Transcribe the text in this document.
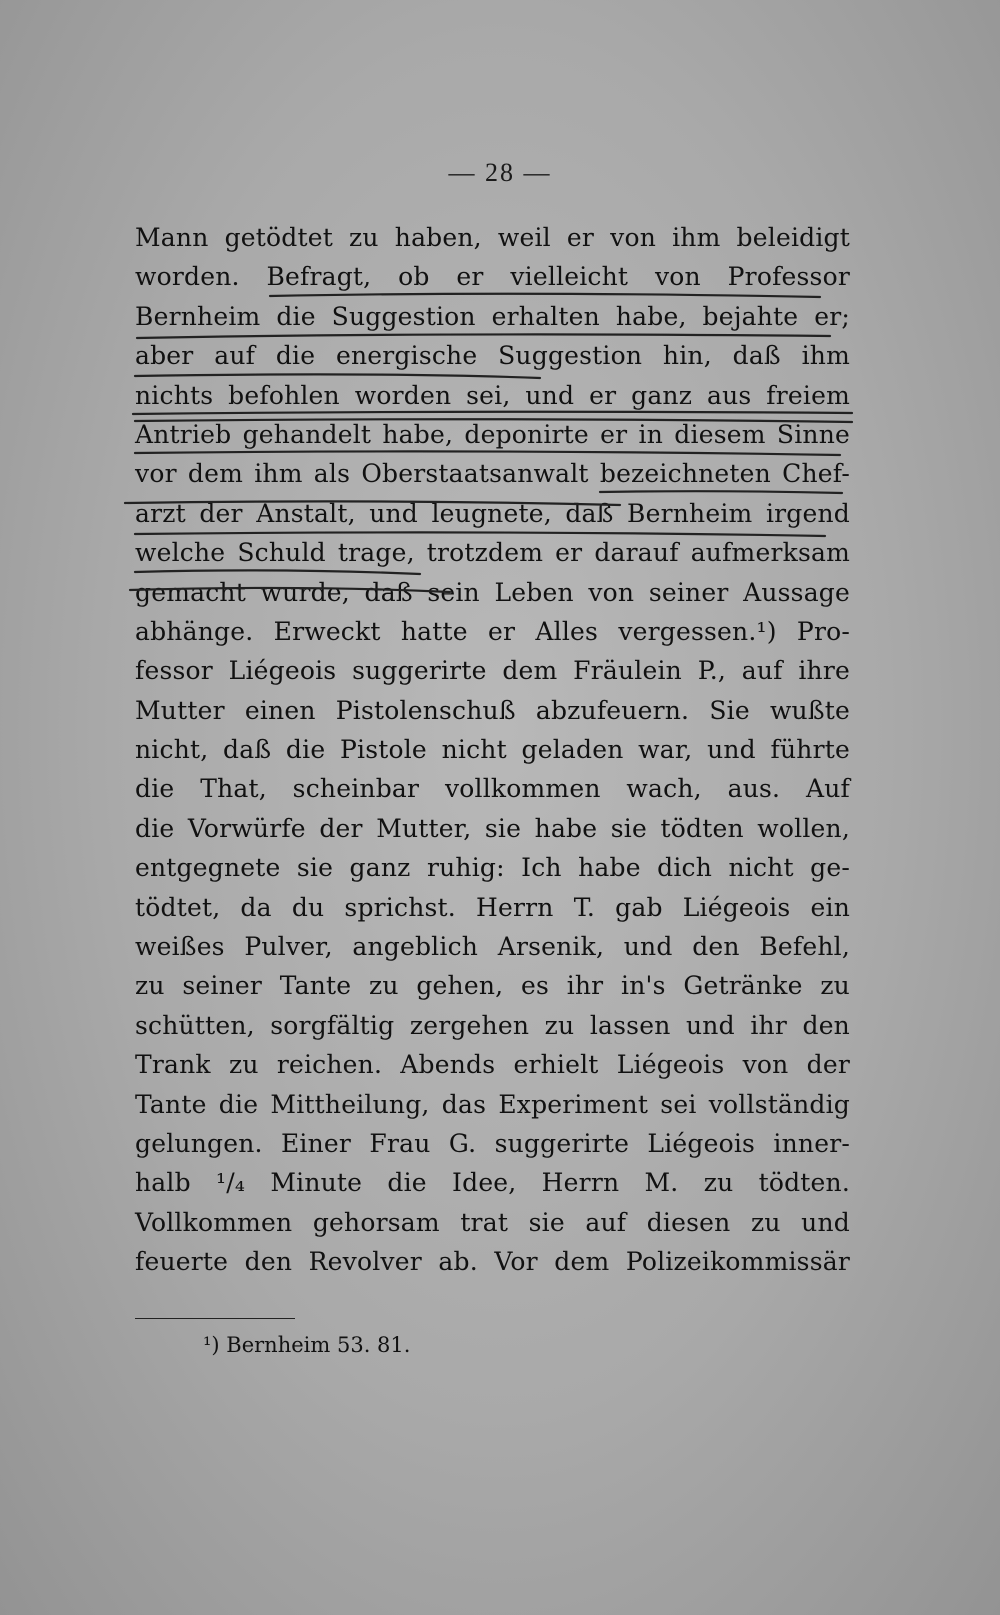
— 28 —
Mann getödtet zu haben, weil er von ihm beleidigt
worden. Befragt, ob er vielleicht von Professor
Bernheim die Suggestion erhalten habe, bejahte er;
aber auf die energische Suggestion hin, daß ihm
nichts befohlen worden sei, und er ganz aus freiem
Antrieb gehandelt habe, deponirte er in diesem Sinne
vor dem ihm als Oberstaatsanwalt bezeichneten Chef-
arzt der Anstalt, und leugnete, daß Bernheim irgend
welche Schuld trage, trotzdem er darauf aufmerksam
gemacht wurde, daß sein Leben von seiner Aussage
abhänge. Erweckt hatte er Alles vergessen.¹) Pro-
fessor Liégeois suggerirte dem Fräulein P., auf ihre
Mutter einen Pistolenschuß abzufeuern. Sie wußte
nicht, daß die Pistole nicht geladen war, und führte
die That, scheinbar vollkommen wach, aus. Auf
die Vorwürfe der Mutter, sie habe sie tödten wollen,
entgegnete sie ganz ruhig: Ich habe dich nicht ge-
tödtet, da du sprichst. Herrn T. gab Liégeois ein
weißes Pulver, angeblich Arsenik, und den Befehl,
zu seiner Tante zu gehen, es ihr in's Getränke zu
schütten, sorgfältig zergehen zu lassen und ihr den
Trank zu reichen. Abends erhielt Liégeois von der
Tante die Mittheilung, das Experiment sei vollständig
gelungen. Einer Frau G. suggerirte Liégeois inner-
halb ¹/₄ Minute die Idee, Herrn M. zu tödten.
Vollkommen gehorsam trat sie auf diesen zu und
feuerte den Revolver ab. Vor dem Polizeikommissär
¹) Bernheim 53. 81.
